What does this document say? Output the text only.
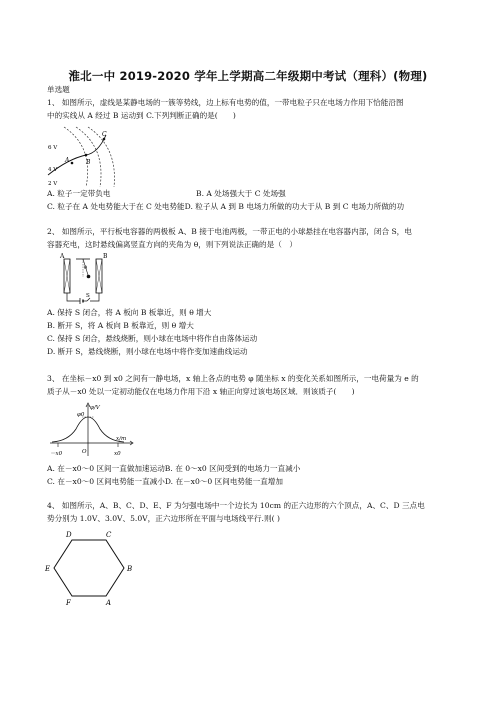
淮北一中 2019-2020 学年上学期高二年级期中考试（理科）(物理)
单选题
1、 如图所示，虚线是某静电场的一簇等势线，边上标有电势的值，一带电粒子只在电场力作用下恰能沿图
中的实线从 A 经过 B 运动到 C.下列判断正确的是(　　)
C
A	B
6 V
4 V
2 V
A. 粒子一定带负电	B. A 处场强大于 C 处场强
C. 粒子在 A 处电势能大于在 C 处电势能D. 粒子从 A 到 B 电场力所做的功大于从 B 到 C 电场力所做的功
2、 如图所示，平行板电容器的两极板 A、B 接于电池两极，一带正电的小球悬挂在电容器内部，闭合 S，电
容器充电，这时悬线偏离竖直方向的夹角为 θ，则下列说法正确的是（　）
θ
A	B
S
A. 保持 S 闭合，将 A 板向 B 板靠近，则 θ 增大
B. 断开 S，将 A 板向 B 板靠近，则 θ 增大
C. 保持 S 闭合，悬线烧断，则小球在电场中将作自由落体运动
D. 断开 S，悬线烧断，则小球在电场中将作变加速曲线运动
3、 在坐标－x0 到 x0 之间有一静电场，x 轴上各点的电势 φ 随坐标 x 的变化关系如图所示，一电荷量为 e 的
质子从－x0 处以一定初动能仅在电场力作用下沿 x 轴正向穿过该电场区域．则该质子(　　)
φ/V
φ0
x/m
O
－x0	x0
A. 在－x0～0 区间一直做加速运动B. 在 0～x0 区间受到的电场力一直减小
C. 在－x0～0 区间电势能一直减小D. 在－x0～0 区间电势能一直增加
4、 如图所示，A、B、C、D、E、F 为匀强电场中一个边长为 10cm 的正六边形的六个顶点，A、C、D 三点电
势分别为 1.0V、3.0V、5.0V，正六边形所在平面与电场线平行.则( )
D	C
E	B
F	A
